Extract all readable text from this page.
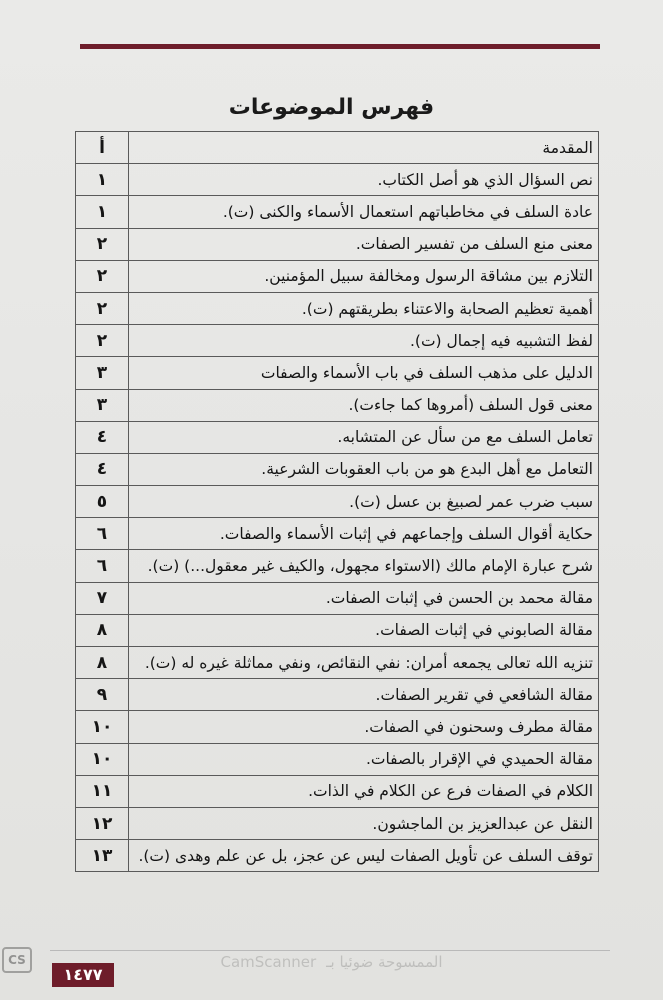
فهرس الموضوعات
المقدمة	أ
نص السؤال الذي هو أصل الكتاب.	١
عادة السلف في مخاطباتهم استعمال الأسماء والكنى (ت).	١
معنى منع السلف من تفسير الصفات.	٢
التلازم بين مشاقة الرسول ومخالفة سبيل المؤمنين.	٢
أهمية تعظيم الصحابة والاعتناء بطريقتهم (ت).	٢
لفظ التشبيه فيه إجمال (ت).	٢
الدليل على مذهب السلف في باب الأسماء والصفات	٣
معنى قول السلف (أمروها كما جاءت).	٣
تعامل السلف مع من سأل عن المتشابه.	٤
التعامل مع أهل البدع هو من باب العقوبات الشرعية.	٤
سبب ضرب عمر لصبيغ بن عسل (ت).	٥
حكاية أقوال السلف وإجماعهم في إثبات الأسماء والصفات.	٦
شرح عبارة الإمام مالك (الاستواء مجهول، والكيف غير معقول...) (ت).	٦
مقالة محمد بن الحسن في إثبات الصفات.	٧
مقالة الصابوني في إثبات الصفات.	٨
تنزيه الله تعالى يجمعه أمران: نفي النقائص، ونفي مماثلة غيره له (ت).	٨
مقالة الشافعي في تقرير الصفات.	٩
مقالة مطرف وسحنون في الصفات.	١٠
مقالة الحميدي في الإقرار بالصفات.	١٠
الكلام في الصفات فرع عن الكلام في الذات.	١١
النقل عن عبدالعزيز بن الماجشون.	١٢
توقف السلف عن تأويل الصفات ليس عن عجز، بل عن علم وهدى (ت).	١٣
١٤٧٧
CS	CamScanner الممسوحة ضوئيا بـ
